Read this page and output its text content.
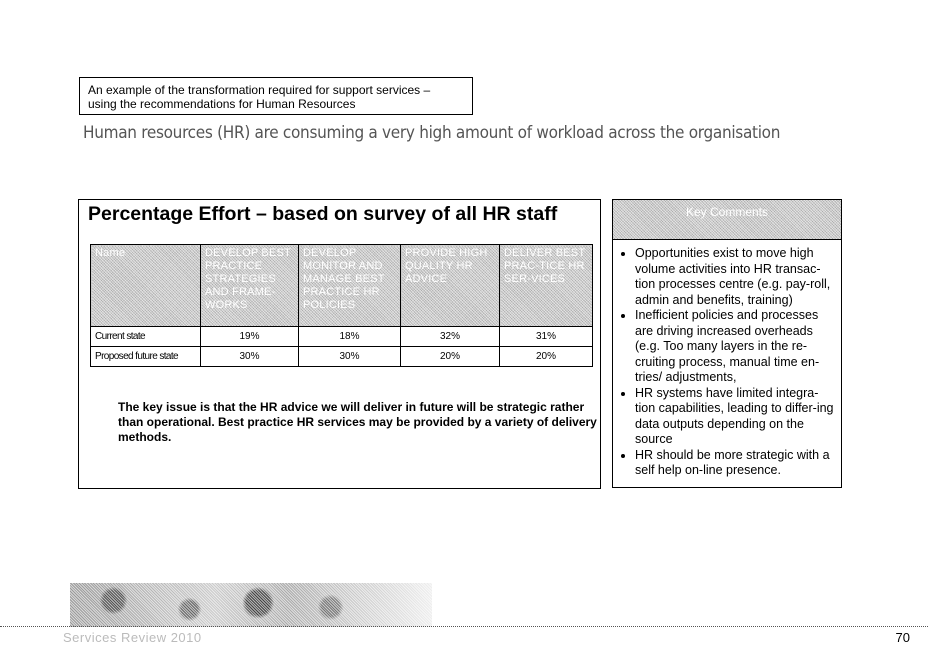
An example of the transformation required for support services –
using the recommendations for Human Resources
Human resources (HR) are consuming a very high amount of workload across the organisation
Percentage Effort – based on survey of all HR staff
Name	DEVELOP BEST PRACTICE STRATEGIES AND FRAME-WORKS	DEVELOP MONITOR AND MANAGE BEST PRACTICE HR POLICIES	PROVIDE HIGH QUALITY HR ADVICE	DELIVER BEST PRAC-TICE HR SER-VICES
Current state	19%	18%	32%	31%
Proposed future state	30%	30%	20%	20%
The key issue is that the HR advice we will deliver in future will be strategic rather than operational. Best practice HR services may be provided by a variety of delivery methods.
Key Comments
• Opportunities exist to move high volume activities into HR transac-tion processes centre (e.g. pay-roll, admin and benefits, training)
• Inefficient policies and processes are driving increased overheads (e.g. Too many layers in the re-cruiting process, manual time en-tries/ adjustments,
• HR systems have limited integra-tion capabilities, leading to differ-ing data outputs depending on the source
• HR should be more strategic with a self help on-line presence.
Services Review 2010	70
